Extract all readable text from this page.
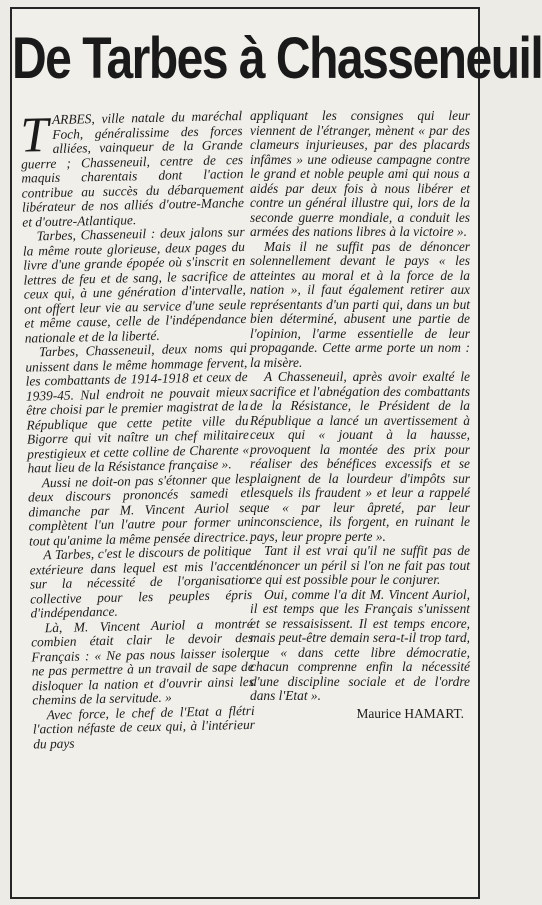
De Tarbes à Chasseneuil

TARBES, ville natale du maréchal Foch, généralissime des forces alliées, vainqueur de la Grande guerre ; Chasseneuil, centre de ces maquis charentais dont l'action contribue au succès du débarquement libérateur de nos alliés d'outre-Manche et d'outre-Atlantique.

Tarbes, Chasseneuil : deux jalons sur la même route glorieuse, deux pages du livre d'une grande épopée où s'inscrit en lettres de feu et de sang, le sacrifice de ceux qui, à une génération d'intervalle, ont offert leur vie au service d'une seule et même cause, celle de l'indépendance nationale et de la liberté.

Tarbes, Chasseneuil, deux noms qui unissent dans le même hommage fervent, les combattants de 1914-1918 et ceux de 1939-45. Nul endroit ne pouvait mieux être choisi par le premier magistrat de la République que cette petite ville du Bigorre qui vit naître un chef militaire prestigieux et cette colline de Charente « haut lieu de la Résistance française ».

Aussi ne doit-on pas s'étonner que les deux discours prononcés samedi et dimanche par M. Vincent Auriol se complètent l'un l'autre pour former un tout qu'anime la même pensée directrice.

A Tarbes, c'est le discours de politique extérieure dans lequel est mis l'accent sur la nécessité de l'organisation collective pour les peuples épris d'indépendance.

Là, M. Vincent Auriol a montré combien était clair le devoir des Français : « Ne pas nous laisser isoler, ne pas permettre à un travail de sape de disloquer la nation et d'ouvrir ainsi les chemins de la servitude. »

Avec force, le chef de l'Etat a flétri l'action néfaste de ceux qui, à l'intérieur du pays

appliquant les consignes qui leur viennent de l'étranger, mènent « par des clameurs injurieuses, par des placards infâmes » une odieuse campagne contre le grand et noble peuple ami qui nous a aidés par deux fois à nous libérer et contre un général illustre qui, lors de la seconde guerre mondiale, a conduit les armées des nations libres à la victoire ».

Mais il ne suffit pas de dénoncer solennellement devant le pays « les atteintes au moral et à la force de la nation », il faut également retirer aux représentants d'un parti qui, dans un but bien déterminé, abusent une partie de l'opinion, l'arme essentielle de leur propagande. Cette arme porte un nom : la misère.

A Chasseneuil, après avoir exalté le sacrifice et l'abnégation des combattants de la Résistance, le Président de la République a lancé un avertissement à ceux qui « jouant à la hausse, provoquent la montée des prix pour réaliser des bénéfices excessifs et se plaignent de la lourdeur d'impôts sur lesquels ils fraudent » et leur a rappelé que « par leur âpreté, par leur inconscience, ils forgent, en ruinant le pays, leur propre perte ».

Tant il est vrai qu'il ne suffit pas de dénoncer un péril si l'on ne fait pas tout ce qui est possible pour le conjurer.

Oui, comme l'a dit M. Vincent Auriol, il est temps que les Français s'unissent et se ressaisissent. Il est temps encore, mais peut-être demain sera-t-il trop tard, que « dans cette libre démocratie, chacun comprenne enfin la nécessité d'une discipline sociale et de l'ordre dans l'Etat ».

Maurice HAMART.
